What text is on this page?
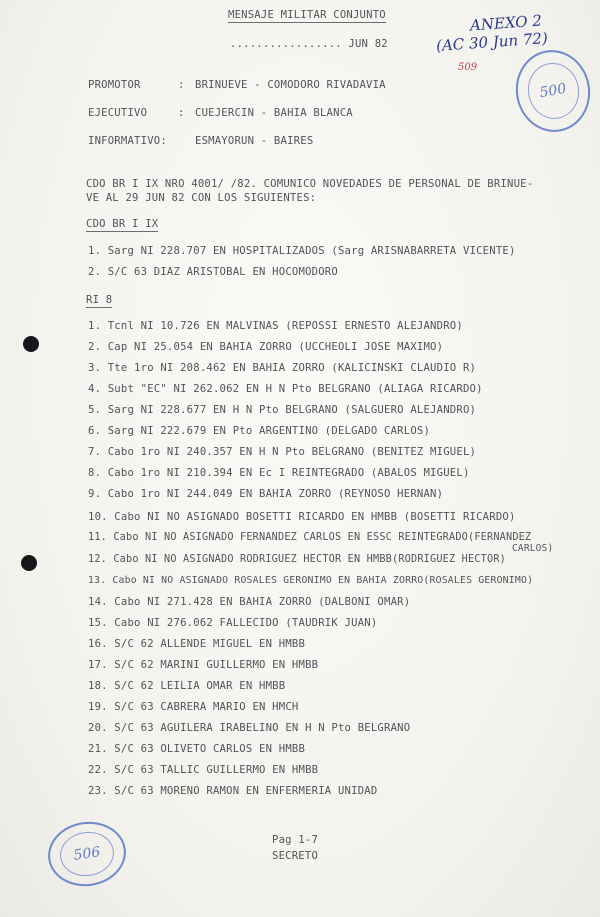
MENSAJE MILITAR CONJUNTO
................. JUN 82
ANEXO 2
(AC 30 Jun 72)
509
500
PROMOTOR	: BRINUEVE - COMODORO RIVADAVIA
EJECUTIVO	: CUEJERCIN - BAHIA BLANCA
INFORMATIVO:	ESMAYORUN - BAIRES
CDO BR I IX NRO 4001/ /82. COMUNICO NOVEDADES DE PERSONAL DE BRINUE-
VE AL 29 JUN 82 CON LOS SIGUIENTES:
CDO BR I IX
1. Sarg NI 228.707 EN HOSPITALIZADOS (Sarg ARISNABARRETA VICENTE)
2. S/C 63 DIAZ ARISTOBAL EN HOCOMODORO
RI 8
1. Tcnl NI 10.726 EN MALVINAS (REPOSSI ERNESTO ALEJANDRO)
2. Cap NI 25.054 EN BAHIA ZORRO (UCCHEOLI JOSE MAXIMO)
3. Tte 1ro NI 208.462 EN BAHIA ZORRO (KALICINSKI CLAUDIO R)
4. Subt "EC" NI 262.062 EN H N Pto BELGRANO (ALIAGA RICARDO)
5. Sarg NI 228.677 EN H N Pto BELGRANO (SALGUERO ALEJANDRO)
6. Sarg NI 222.679 EN Pto ARGENTINO (DELGADO CARLOS)
7. Cabo 1ro NI 240.357 EN H N Pto BELGRANO (BENITEZ MIGUEL)
8. Cabo 1ro NI 210.394 EN Ec I REINTEGRADO (ABALOS MIGUEL)
9. Cabo 1ro NI 244.049 EN BAHIA ZORRO (REYNOSO HERNAN)
10. Cabo NI NO ASIGNADO BOSETTI RICARDO EN HMBB (BOSETTI RICARDO)
11. Cabo NI NO ASIGNADO FERNANDEZ CARLOS EN ESSC REINTEGRADO(FERNANDEZ
CARLOS)
12. Cabo NI NO ASIGNADO RODRIGUEZ HECTOR EN HMBB(RODRIGUEZ HECTOR)
13. Cabo NI NO ASIGNADO ROSALES GERONIMO EN BAHIA ZORRO(ROSALES GERONIMO)
14. Cabo NI 271.428 EN BAHIA ZORRO (DALBONI OMAR)
15. Cabo NI 276.062 FALLECIDO (TAUDRIK JUAN)
16. S/C 62 ALLENDE MIGUEL EN HMBB
17. S/C 62 MARINI GUILLERMO EN HMBB
18. S/C 62 LEILIA OMAR EN HMBB
19. S/C 63 CABRERA MARIO EN HMCH
20. S/C 63 AGUILERA IRABELINO EN H N Pto BELGRANO
21. S/C 63 OLIVETO CARLOS EN HMBB
22. S/C 63 TALLIC GUILLERMO EN HMBB
23. S/C 63 MORENO RAMON EN ENFERMERIA UNIDAD
506
Pag 1-7
SECRETO
